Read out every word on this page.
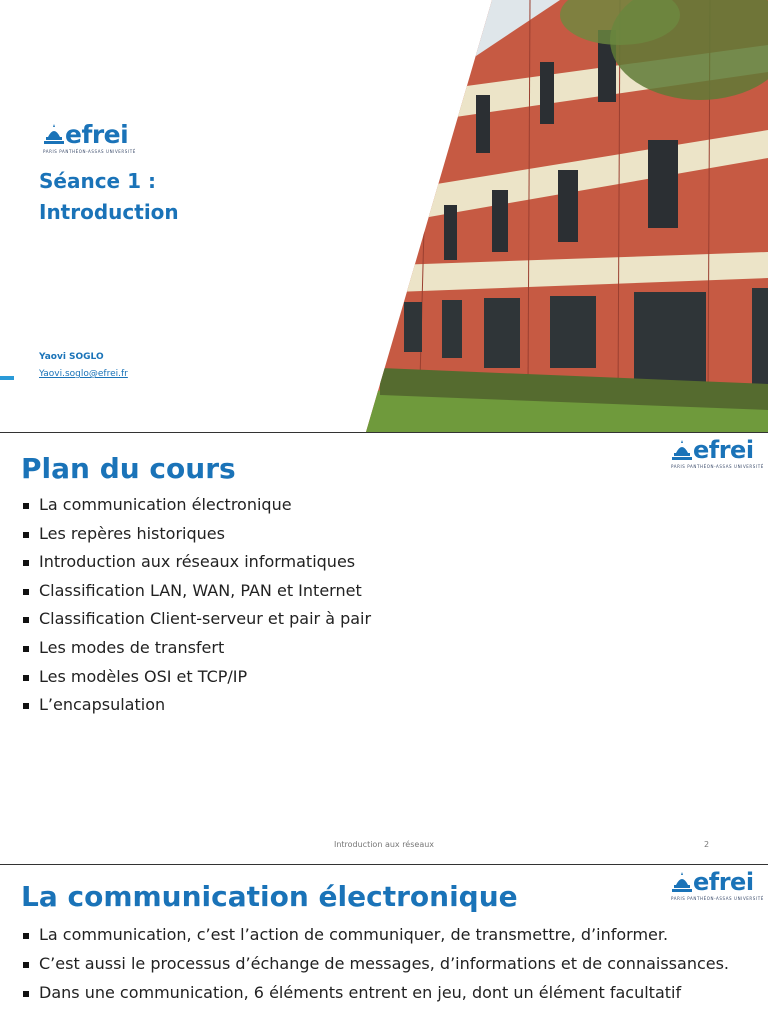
efrei
PARIS PANTHÉON-ASSAS UNIVERSITÉ
Séance 1 :
Introduction
Yaovi SOGLO
Yaovi.soglo@efrei.fr
Plan du cours
efrei
PARIS PANTHÉON-ASSAS UNIVERSITÉ
La communication électronique
Les repères historiques
Introduction aux réseaux informatiques
Classification LAN, WAN, PAN et Internet
Classification Client-serveur et pair à pair
Les modes de transfert
Les modèles OSI et TCP/IP
L’encapsulation
Introduction aux réseaux	2
La communication électronique	efrei
PARIS PANTHÉON-ASSAS UNIVERSITÉ
La communication, c’est l’action de communiquer, de transmettre, d’informer.
C’est aussi le processus d’échange de messages, d’informations et de connaissances.
Dans une communication, 6 éléments entrent en jeu, dont un élément facultatif
